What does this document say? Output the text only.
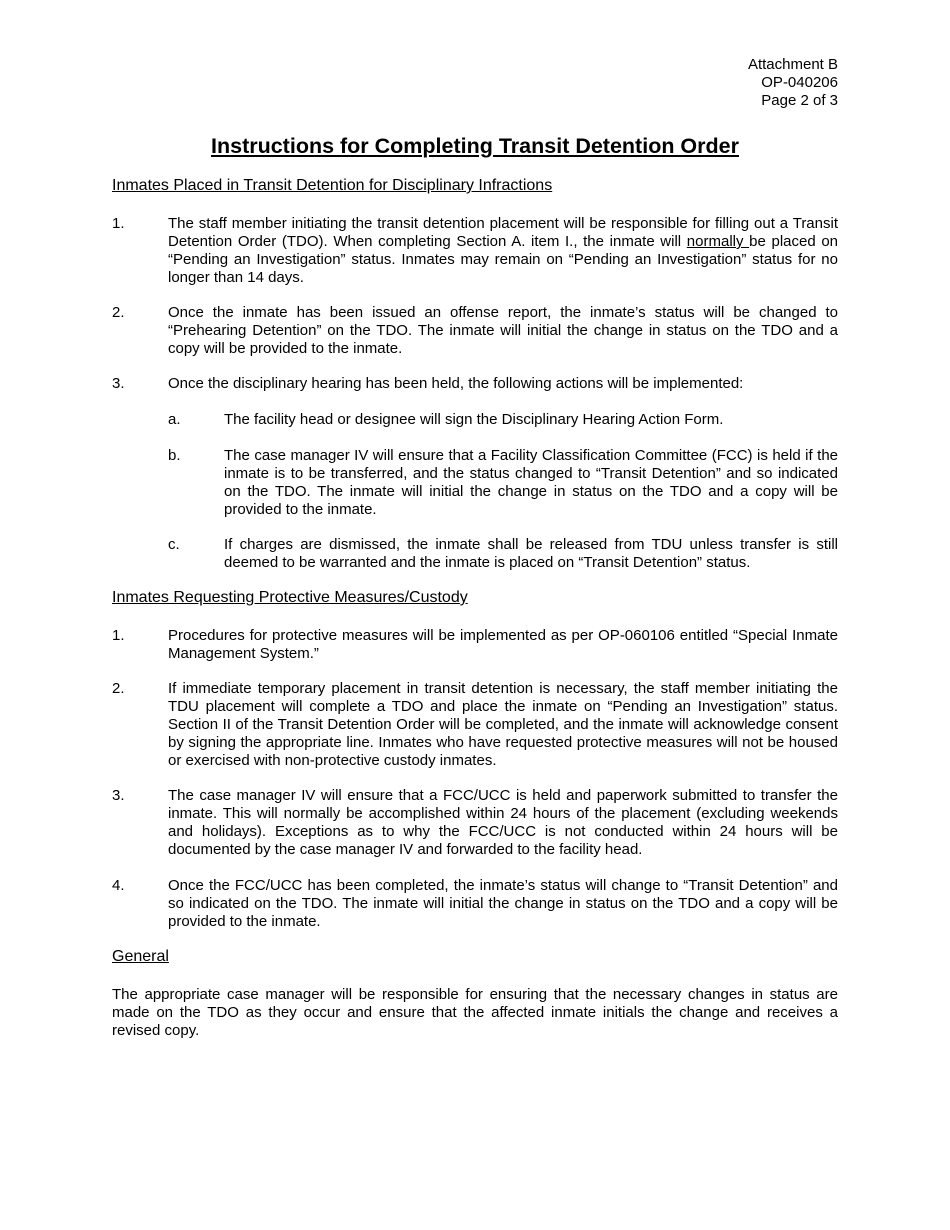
Attachment B
OP-040206
Page 2 of 3
Instructions for Completing Transit Detention Order
Inmates Placed in Transit Detention for Disciplinary Infractions
1.	The staff member initiating the transit detention placement will be responsible for filling out a Transit Detention Order (TDO). When completing Section A. item I., the inmate will normally be placed on “Pending an Investigation” status. Inmates may remain on “Pending an Investigation” status for no longer than 14 days.
2.	Once the inmate has been issued an offense report, the inmate’s status will be changed to “Prehearing Detention” on the TDO. The inmate will initial the change in status on the TDO and a copy will be provided to the inmate.
3.	Once the disciplinary hearing has been held, the following actions will be implemented:
a.	The facility head or designee will sign the Disciplinary Hearing Action Form.
b.	The case manager IV will ensure that a Facility Classification Committee (FCC) is held if the inmate is to be transferred, and the status changed to “Transit Detention” and so indicated on the TDO. The inmate will initial the change in status on the TDO and a copy will be provided to the inmate.
c.	If charges are dismissed, the inmate shall be released from TDU unless transfer is still deemed to be warranted and the inmate is placed on “Transit Detention” status.
Inmates Requesting Protective Measures/Custody
1.	Procedures for protective measures will be implemented as per OP-060106 entitled “Special Inmate Management System.”
2.	If immediate temporary placement in transit detention is necessary, the staff member initiating the TDU placement will complete a TDO and place the inmate on “Pending an Investigation” status. Section II of the Transit Detention Order will be completed, and the inmate will acknowledge consent by signing the appropriate line. Inmates who have requested protective measures will not be housed or exercised with non-protective custody inmates.
3.	The case manager IV will ensure that a FCC/UCC is held and paperwork submitted to transfer the inmate. This will normally be accomplished within 24 hours of the placement (excluding weekends and holidays). Exceptions as to why the FCC/UCC is not conducted within 24 hours will be documented by the case manager IV and forwarded to the facility head.
4.	Once the FCC/UCC has been completed, the inmate’s status will change to “Transit Detention” and so indicated on the TDO. The inmate will initial the change in status on the TDO and a copy will be provided to the inmate.
General
The appropriate case manager will be responsible for ensuring that the necessary changes in status are made on the TDO as they occur and ensure that the affected inmate initials the change and receives a revised copy.
